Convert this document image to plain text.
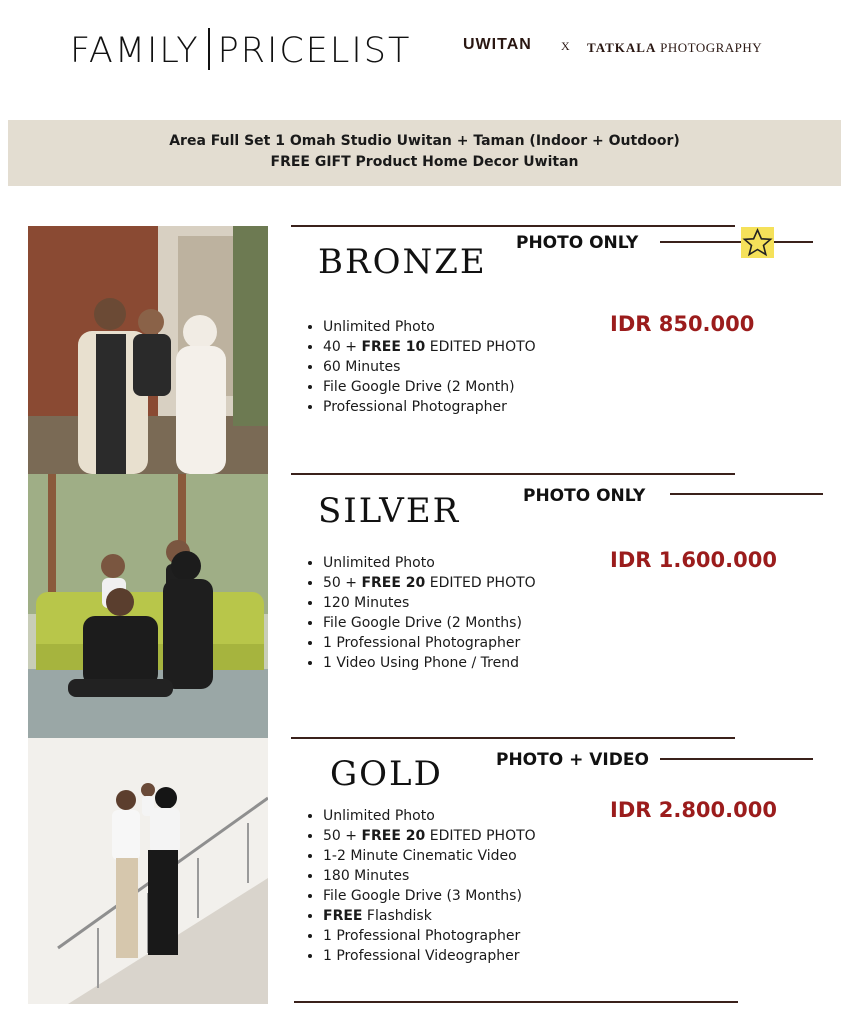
FAMILY PRICELIST	UWITAN X TATKALA PHOTOGRAPHY
Area Full Set 1 Omah Studio Uwitan + Taman (Indoor + Outdoor)
FREE GIFT Product Home Decor Uwitan
BRONZE PHOTO ONLY
IDR 850.000
• Unlimited Photo
• 40 + FREE 10 EDITED PHOTO
• 60 Minutes
• File Google Drive (2 Month)
• Professional Photographer
SILVER	PHOTO ONLY
IDR 1.600.000
• Unlimited Photo
• 50 + FREE 20 EDITED PHOTO
• 120 Minutes
• File Google Drive (2 Months)
• 1 Professional Photographer
• 1 Video Using Phone / Trend
GOLD	PHOTO + VIDEO
IDR 2.800.000
• Unlimited Photo
• 50 + FREE 20 EDITED PHOTO
• 1-2 Minute Cinematic Video
• 180 Minutes
• File Google Drive (3 Months)
• FREE Flashdisk
• 1 Professional Photographer
• 1 Professional Videographer
